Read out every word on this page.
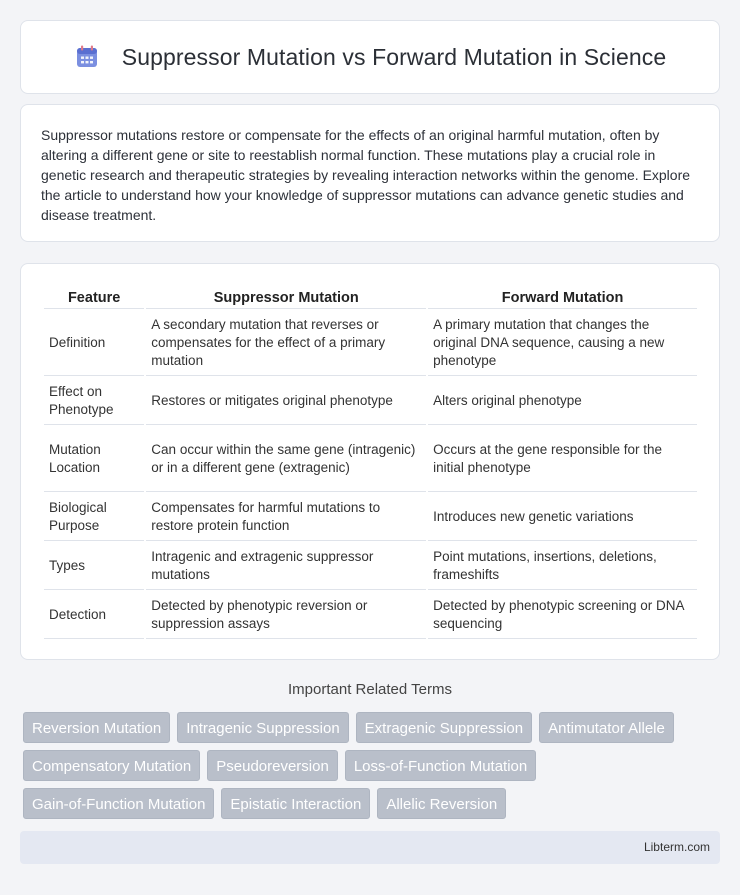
Suppressor Mutation vs Forward Mutation in Science

Suppressor mutations restore or compensate for the effects of an original harmful mutation, often by altering a different gene or site to reestablish normal function. These mutations play a crucial role in genetic research and therapeutic strategies by revealing interaction networks within the genome. Explore the article to understand how your knowledge of suppressor mutations can advance genetic studies and disease treatment.

Feature	Suppressor Mutation	Forward Mutation
Definition	A secondary mutation that reverses or compensates for the effect of a primary mutation	A primary mutation that changes the original DNA sequence, causing a new phenotype
Effect on Phenotype	Restores or mitigates original phenotype	Alters original phenotype
Mutation Location	Can occur within the same gene (intragenic) or in a different gene (extragenic)	Occurs at the gene responsible for the initial phenotype
Biological Purpose	Compensates for harmful mutations to restore protein function	Introduces new genetic variations
Types	Intragenic and extragenic suppressor mutations	Point mutations, insertions, deletions, frameshifts
Detection	Detected by phenotypic reversion or suppression assays	Detected by phenotypic screening or DNA sequencing
Important Related Terms
Reversion Mutation	Intragenic Suppression	Extragenic Suppression	Antimutator Allele
Compensatory Mutation	Pseudoreversion	Loss-of-Function Mutation
Gain-of-Function Mutation	Epistatic Interaction	Allelic Reversion
Libterm.com
